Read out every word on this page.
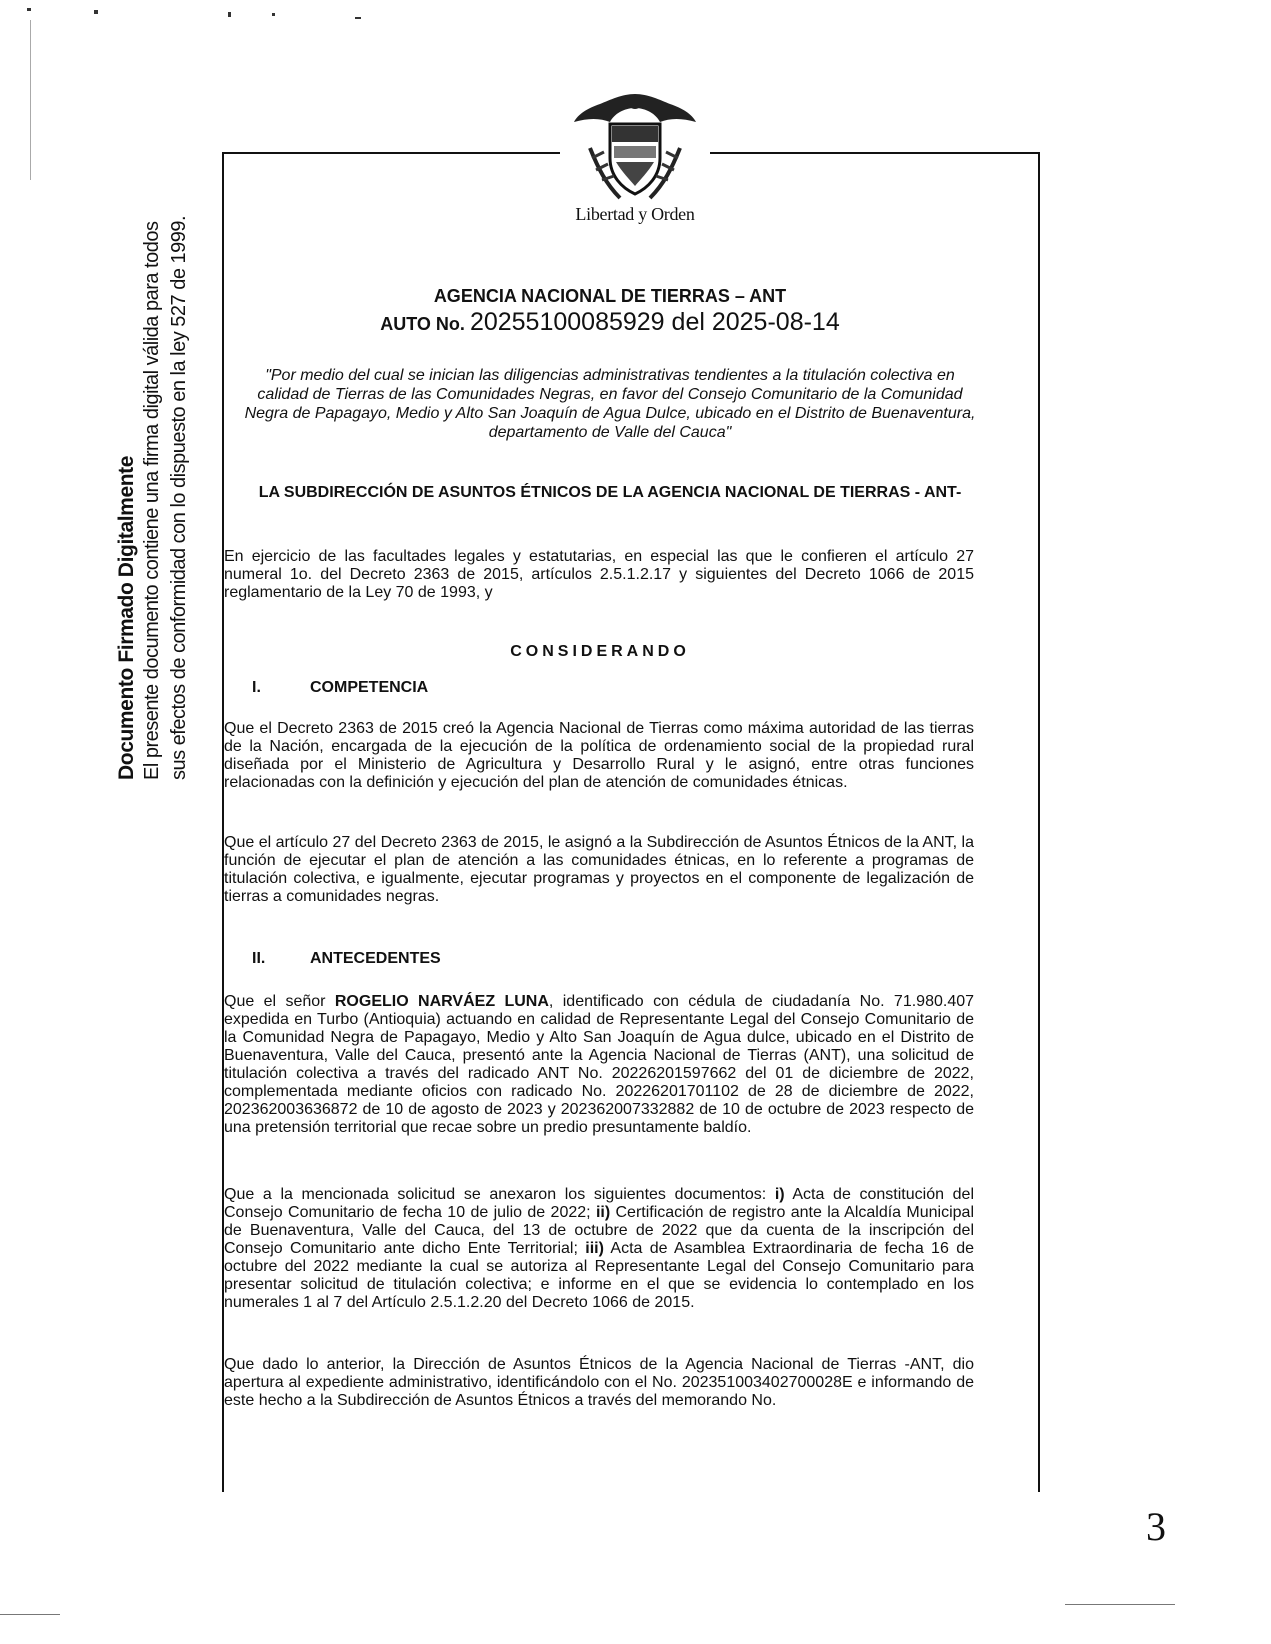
Libertad y Orden
Documento Firmado Digitalmente El presente documento contiene una firma digital válida para todos sus efectos de conformidad con lo dispuesto en la ley 527 de 1999.	AGENCIA NACIONAL DE TIERRAS – ANT
AUTO No. 20255100085929 del 2025-08-14
"Por medio del cual se inician las diligencias administrativas tendientes a la titulación colectiva en calidad de Tierras de las Comunidades Negras, en favor del Consejo Comunitario de la Comunidad Negra de Papagayo, Medio y Alto San Joaquín de Agua Dulce, ubicado en el Distrito de Buenaventura, departamento de Valle del Cauca"
LA SUBDIRECCIÓN DE ASUNTOS ÉTNICOS DE LA AGENCIA NACIONAL DE TIERRAS - ANT-

En ejercicio de las facultades legales y estatutarias, en especial las que le confieren el artículo 27 numeral 1o. del Decreto 2363 de 2015, artículos 2.5.1.2.17 y siguientes del Decreto 1066 de 2015 reglamentario de la Ley 70 de 1993, y

CONSIDERANDO
I.	COMPETENCIA

Que el Decreto 2363 de 2015 creó la Agencia Nacional de Tierras como máxima autoridad de las tierras de la Nación, encargada de la ejecución de la política de ordenamiento social de la propiedad rural diseñada por el Ministerio de Agricultura y Desarrollo Rural y le asignó, entre otras funciones relacionadas con la definición y ejecución del plan de atención de comunidades étnicas.

Que el artículo 27 del Decreto 2363 de 2015, le asignó a la Subdirección de Asuntos Étnicos de la ANT, la función de ejecutar el plan de atención a las comunidades étnicas, en lo referente a programas de titulación colectiva, e igualmente, ejecutar programas y proyectos en el componente de legalización de tierras a comunidades negras.

II.	ANTECEDENTES

Que el señor ROGELIO NARVÁEZ LUNA, identificado con cédula de ciudadanía No. 71.980.407 expedida en Turbo (Antioquia) actuando en calidad de Representante Legal del Consejo Comunitario de la Comunidad Negra de Papagayo, Medio y Alto San Joaquín de Agua dulce, ubicado en el Distrito de Buenaventura, Valle del Cauca, presentó ante la Agencia Nacional de Tierras (ANT), una solicitud de titulación colectiva a través del radicado ANT No. 20226201597662 del 01 de diciembre de 2022, complementada mediante oficios con radicado No. 20226201701102 de 28 de diciembre de 2022, 202362003636872 de 10 de agosto de 2023 y 202362007332882 de 10 de octubre de 2023 respecto de una pretensión territorial que recae sobre un predio presuntamente baldío.

Que a la mencionada solicitud se anexaron los siguientes documentos: i) Acta de constitución del Consejo Comunitario de fecha 10 de julio de 2022; ii) Certificación de registro ante la Alcaldía Municipal de Buenaventura, Valle del Cauca, del 13 de octubre de 2022 que da cuenta de la inscripción del Consejo Comunitario ante dicho Ente Territorial; iii) Acta de Asamblea Extraordinaria de fecha 16 de octubre del 2022 mediante la cual se autoriza al Representante Legal del Consejo Comunitario para presentar solicitud de titulación colectiva; e informe en el que se evidencia lo contemplado en los numerales 1 al 7 del Artículo 2.5.1.2.20 del Decreto 1066 de 2015.

Que dado lo anterior, la Dirección de Asuntos Étnicos de la Agencia Nacional de Tierras -ANT, dio apertura al expediente administrativo, identificándolo con el No. 202351003402700028E e informando de este hecho a la Subdirección de Asuntos Étnicos a través del memorando No.

3
